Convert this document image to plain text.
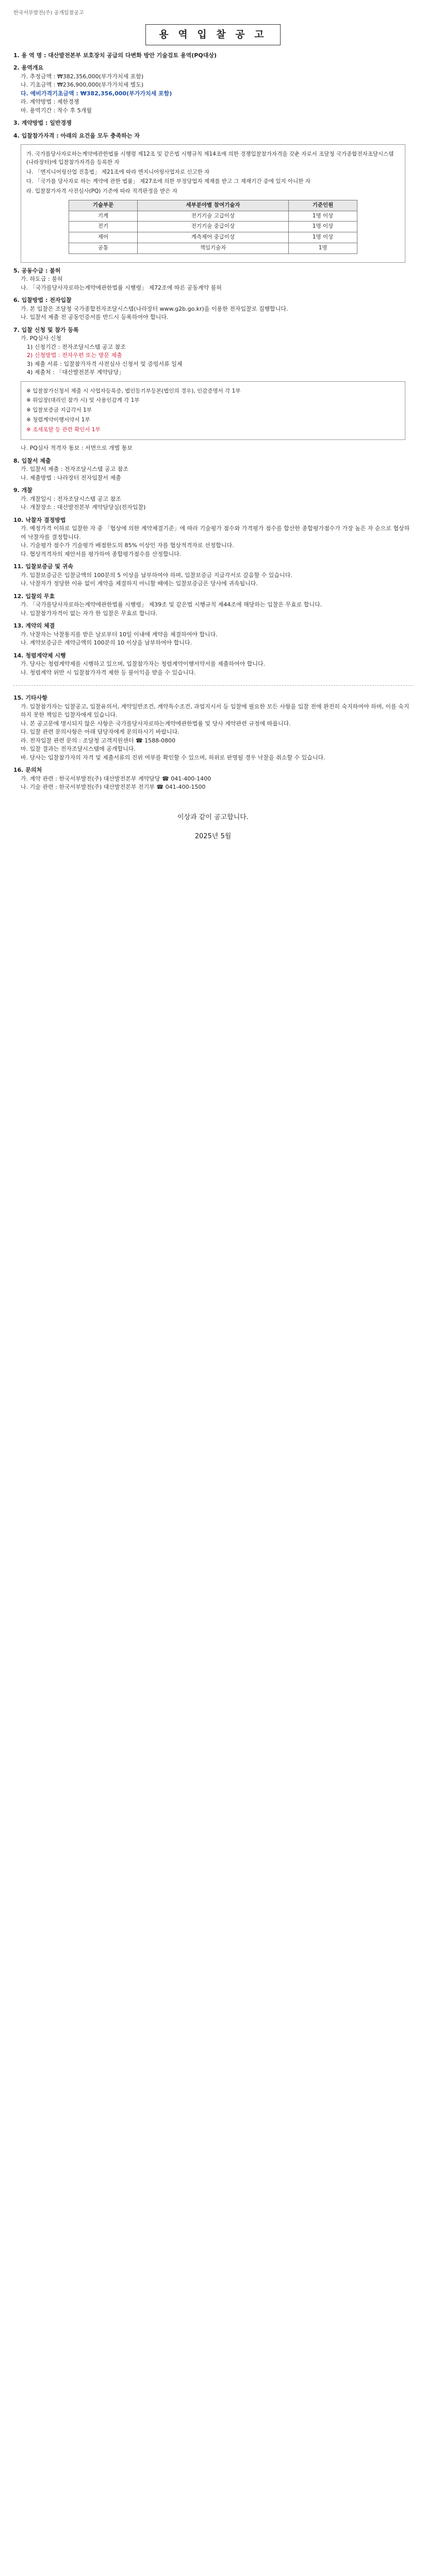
한국서부발전(주) 공개입찰공고
용 역 입 찰 공 고
1. 용 역 명 : 대산발전본부 보호장치 공급의 다변화 방안 기술검토 용역(PQ대상)
2. 용역개요
가. 추정금액 : ₩382,356,000(부가가치세 포함)
나. 기초금액 : ₩236,900,000(부가가치세 별도)
다. 예비가격기초금액 : ₩382,356,000(부가가치세 포함)
라. 계약방법 : 제한경쟁
마. 용역기간 : 착수 후 5개월
3. 계약방법 : 일반경쟁
4. 입찰참가자격 : 아래의 요건을 모두 충족하는 자

가. 국가를당사자로하는계약에관한법률 시행령 제12조 및 같은법 시행규칙 제14조에 의한 경쟁입찰참가자격을 갖춘 자로서 조달청 국가종합전자조달시스템(나라장터)에 입찰참가자격을 등록한 자

나. 「엔지니어링산업 진흥법」 제21조에 따라 엔지니어링사업자로 신고한 자

다. 「국가를 당사자로 하는 계약에 관한 법률」 제27조에 의한 부정당업자 제재를 받고 그 제재기간 중에 있지 아니한 자

라. 입찰참가자격 사전심사(PQ) 기준에 따라 적격판정을 받은 자

기술부문	세부분야별 참여기술자	기준인원
기계	전기기술 고급이상	1명 이상
전기	전기기술 중급이상	1명 이상
제어	계측제어 중급이상	1명 이상
공통	책임기술자	1명
5. 공동수급 : 불허
가. 하도급 : 불허
나. 「국가를당사자로하는계약에관한법률 시행령」 제72조에 따른 공동계약 불허
6. 입찰방법 : 전자입찰
가. 본 입찰은 조달청 국가종합전자조달시스템(나라장터 www.g2b.go.kr)을 이용한 전자입찰로 집행합니다.
나. 입찰서 제출 전 공동인증서를 반드시 등록하여야 합니다.
7. 입찰 신청 및 참가 등록
가. PQ심사 신청
1) 신청기간 : 전자조달시스템 공고 참조
2) 신청방법 : 전자우편 또는 방문 제출
3) 제출 서류 : 입찰참가자격 사전심사 신청서 및 증빙서류 일체
4) 제출처 : 「대산발전본부 계약담당」

※ 입찰참가신청서 제출 시 사업자등록증, 법인등기부등본(법인의 경우), 인감증명서 각 1부

※ 위임장(대리인 참가 시) 및 사용인감계 각 1부

※ 입찰보증금 지급각서 1부

※ 청렴계약이행서약서 1부

※ 조세포탈 등 관련 확인서 1부

나. PQ심사 적격자 통보 : 서면으로 개별 통보
8. 입찰서 제출
가. 입찰서 제출 : 전자조달시스템 공고 참조
나. 제출방법 : 나라장터 전자입찰서 제출
9. 개찰
가. 개찰일시 : 전자조달시스템 공고 참조
나. 개찰장소 : 대산발전본부 계약담당실(전자입찰)
10. 낙찰자 결정방법
가. 예정가격 이하로 입찰한 자 중 「협상에 의한 계약체결기준」에 따라 기술평가 점수와 가격평가 점수를 합산한 종합평가점수가 가장 높은 자 순으로 협상하여 낙찰자를 결정합니다.
나. 기술평가 점수가 기술평가 배점한도의 85% 이상인 자를 협상적격자로 선정합니다.
다. 협상적격자의 제안서를 평가하여 종합평가점수를 산정합니다.
11. 입찰보증금 및 귀속
가. 입찰보증금은 입찰금액의 100분의 5 이상을 납부하여야 하며, 입찰보증금 지급각서로 갈음할 수 있습니다.
나. 낙찰자가 정당한 이유 없이 계약을 체결하지 아니할 때에는 입찰보증금은 당사에 귀속됩니다.
12. 입찰의 무효
가. 「국가를당사자로하는계약에관한법률 시행령」 제39조 및 같은법 시행규칙 제44조에 해당하는 입찰은 무효로 합니다.
나. 입찰참가자격이 없는 자가 한 입찰은 무효로 합니다.
13. 계약의 체결
가. 낙찰자는 낙찰통지를 받은 날로부터 10일 이내에 계약을 체결하여야 합니다.
나. 계약보증금은 계약금액의 100분의 10 이상을 납부하여야 합니다.
14. 청렴계약제 시행
가. 당사는 청렴계약제를 시행하고 있으며, 입찰참가자는 청렴계약이행서약서를 제출하여야 합니다.
나. 청렴계약 위반 시 입찰참가자격 제한 등 불이익을 받을 수 있습니다.
15. 기타사항
가. 입찰참가자는 입찰공고, 입찰유의서, 계약일반조건, 계약특수조건, 과업지시서 등 입찰에 필요한 모든 사항을 입찰 전에 완전히 숙지하여야 하며, 이를 숙지하지 못한 책임은 입찰자에게 있습니다.
나. 본 공고문에 명시되지 않은 사항은 국가를당사자로하는계약에관한법률 및 당사 계약관련 규정에 따릅니다.
다. 입찰 관련 문의사항은 아래 담당자에게 문의하시기 바랍니다.
라. 전자입찰 관련 문의 : 조달청 고객지원센터 ☎ 1588-0800
마. 입찰 결과는 전자조달시스템에 공개합니다.
바. 당사는 입찰참가자의 자격 및 제출서류의 진위 여부를 확인할 수 있으며, 허위로 판명될 경우 낙찰을 취소할 수 있습니다.
16. 문의처
가. 계약 관련 : 한국서부발전(주) 대산발전본부 계약담당 ☎ 041-400-1400
나. 기술 관련 : 한국서부발전(주) 대산발전본부 전기부 ☎ 041-400-1500
이상과 같이 공고합니다.
2025년 5월
